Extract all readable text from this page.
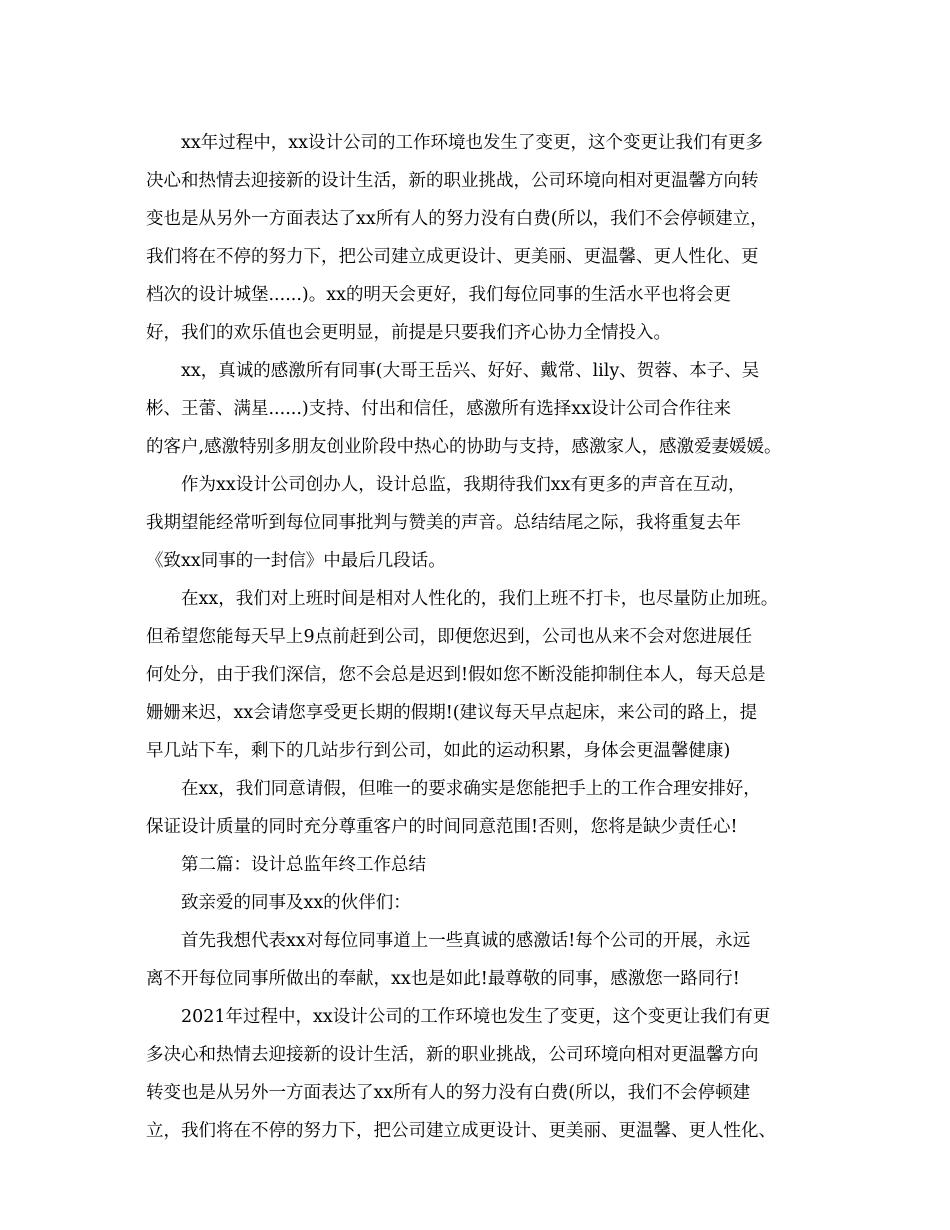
xx年过程中，xx设计公司的工作环境也发生了变更，这个变更让我们有更多
决心和热情去迎接新的设计生活，新的职业挑战，公司环境向相对更温馨方向转
变也是从另外一方面表达了xx所有人的努力没有白费(所以，我们不会停顿建立，
我们将在不停的努力下，把公司建立成更设计、更美丽、更温馨、更人性化、更
档次的设计城堡......)。xx的明天会更好，我们每位同事的生活水平也将会更
好，我们的欢乐值也会更明显，前提是只要我们齐心协力全情投入。
xx，真诚的感激所有同事(大哥王岳兴、好好、戴常、lily、贺蓉、本子、吴
彬、王蕾、满星......)支持、付出和信任，感激所有选择xx设计公司合作往来
的客户,感激特别多朋友创业阶段中热心的协助与支持，感激家人，感激爱妻媛媛。
作为xx设计公司创办人，设计总监，我期待我们xx有更多的声音在互动，
我期望能经常听到每位同事批判与赞美的声音。总结结尾之际，我将重复去年
《致xx同事的一封信》中最后几段话。
在xx，我们对上班时间是相对人性化的，我们上班不打卡，也尽量防止加班。
但希望您能每天早上9点前赶到公司，即便您迟到，公司也从来不会对您进展任
何处分，由于我们深信，您不会总是迟到!假如您不断没能抑制住本人，每天总是
姗姗来迟，xx会请您享受更长期的假期!(建议每天早点起床，来公司的路上，提
早几站下车，剩下的几站步行到公司，如此的运动积累，身体会更温馨健康)
在xx，我们同意请假，但唯一的要求确实是您能把手上的工作合理安排好，
保证设计质量的同时充分尊重客户的时间同意范围!否则，您将是缺少责任心!
第二篇：设计总监年终工作总结
致亲爱的同事及xx的伙伴们：
首先我想代表xx对每位同事道上一些真诚的感激话!每个公司的开展，永远
离不开每位同事所做出的奉献，xx也是如此!最尊敬的同事，感激您一路同行!
2021年过程中，xx设计公司的工作环境也发生了变更，这个变更让我们有更
多决心和热情去迎接新的设计生活，新的职业挑战，公司环境向相对更温馨方向
转变也是从另外一方面表达了xx所有人的努力没有白费(所以，我们不会停顿建
立，我们将在不停的努力下，把公司建立成更设计、更美丽、更温馨、更人性化、
